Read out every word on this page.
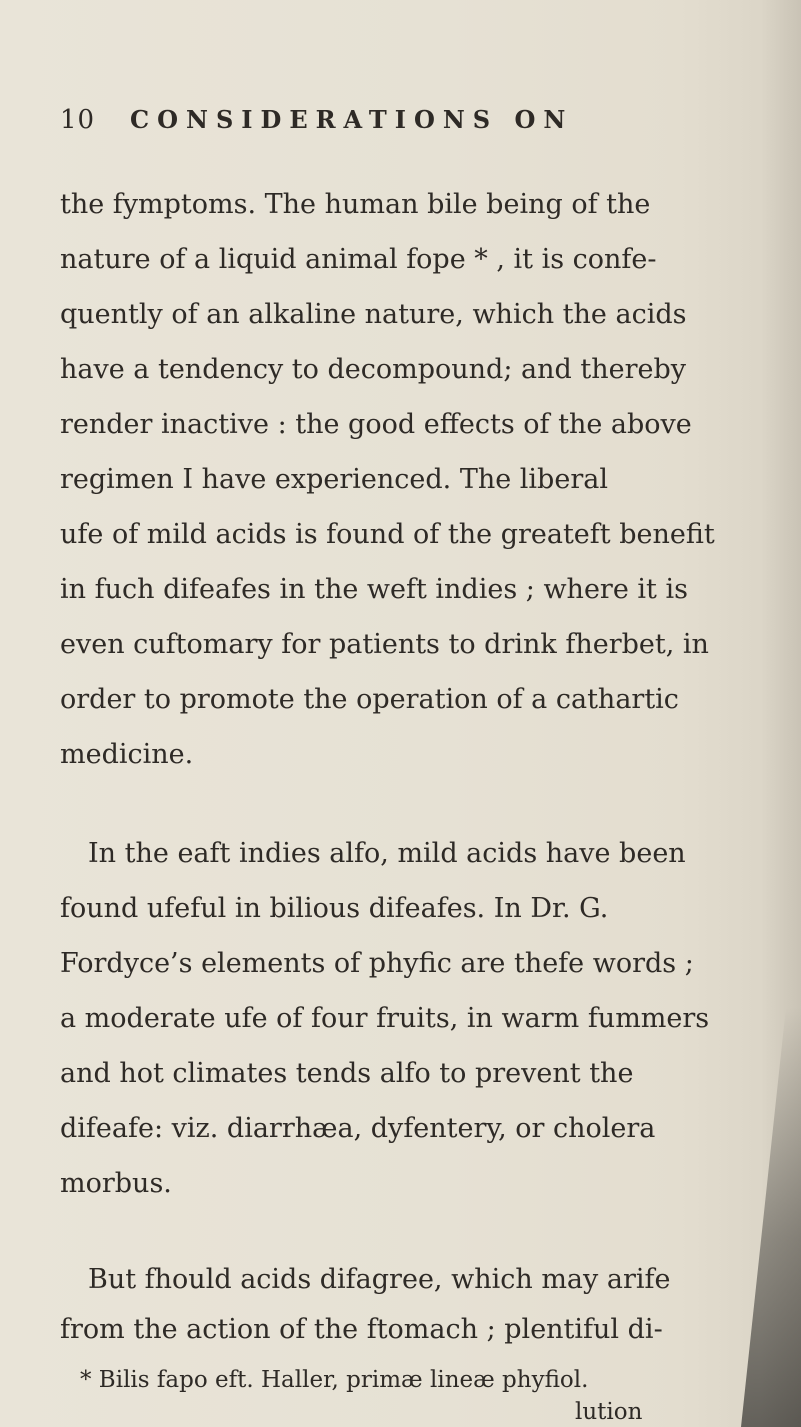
10 CONSIDERATIONS ON
the fymptoms. The human bile being of the
nature of a liquid animal fope * , it is confe-
quently of an alkaline nature, which the acids
have a tendency to decompound; and thereby
render inactive : the good effects of the above
regimen I have experienced. The liberal
ufe of mild acids is found of the greateft benefit
in fuch difeafes in the weft indies ; where it is
even cuftomary for patients to drink fherbet, in
order to promote the operation of a cathartic
medicine.
In the eaft indies alfo, mild acids have been
found ufeful in bilious difeafes. In Dr. G.
Fordyce’s elements of phyfic are thefe words ;
a moderate ufe of four fruits, in warm fummers
and hot climates tends alfo to prevent the
difeafe: viz. diarrhæa, dyfentery, or cholera
morbus.
But fhould acids difagree, which may arife
from the action of the ftomach ; plentiful di-
* Bilis fapo eft. Haller, primæ lineæ phyfiol.
lution
